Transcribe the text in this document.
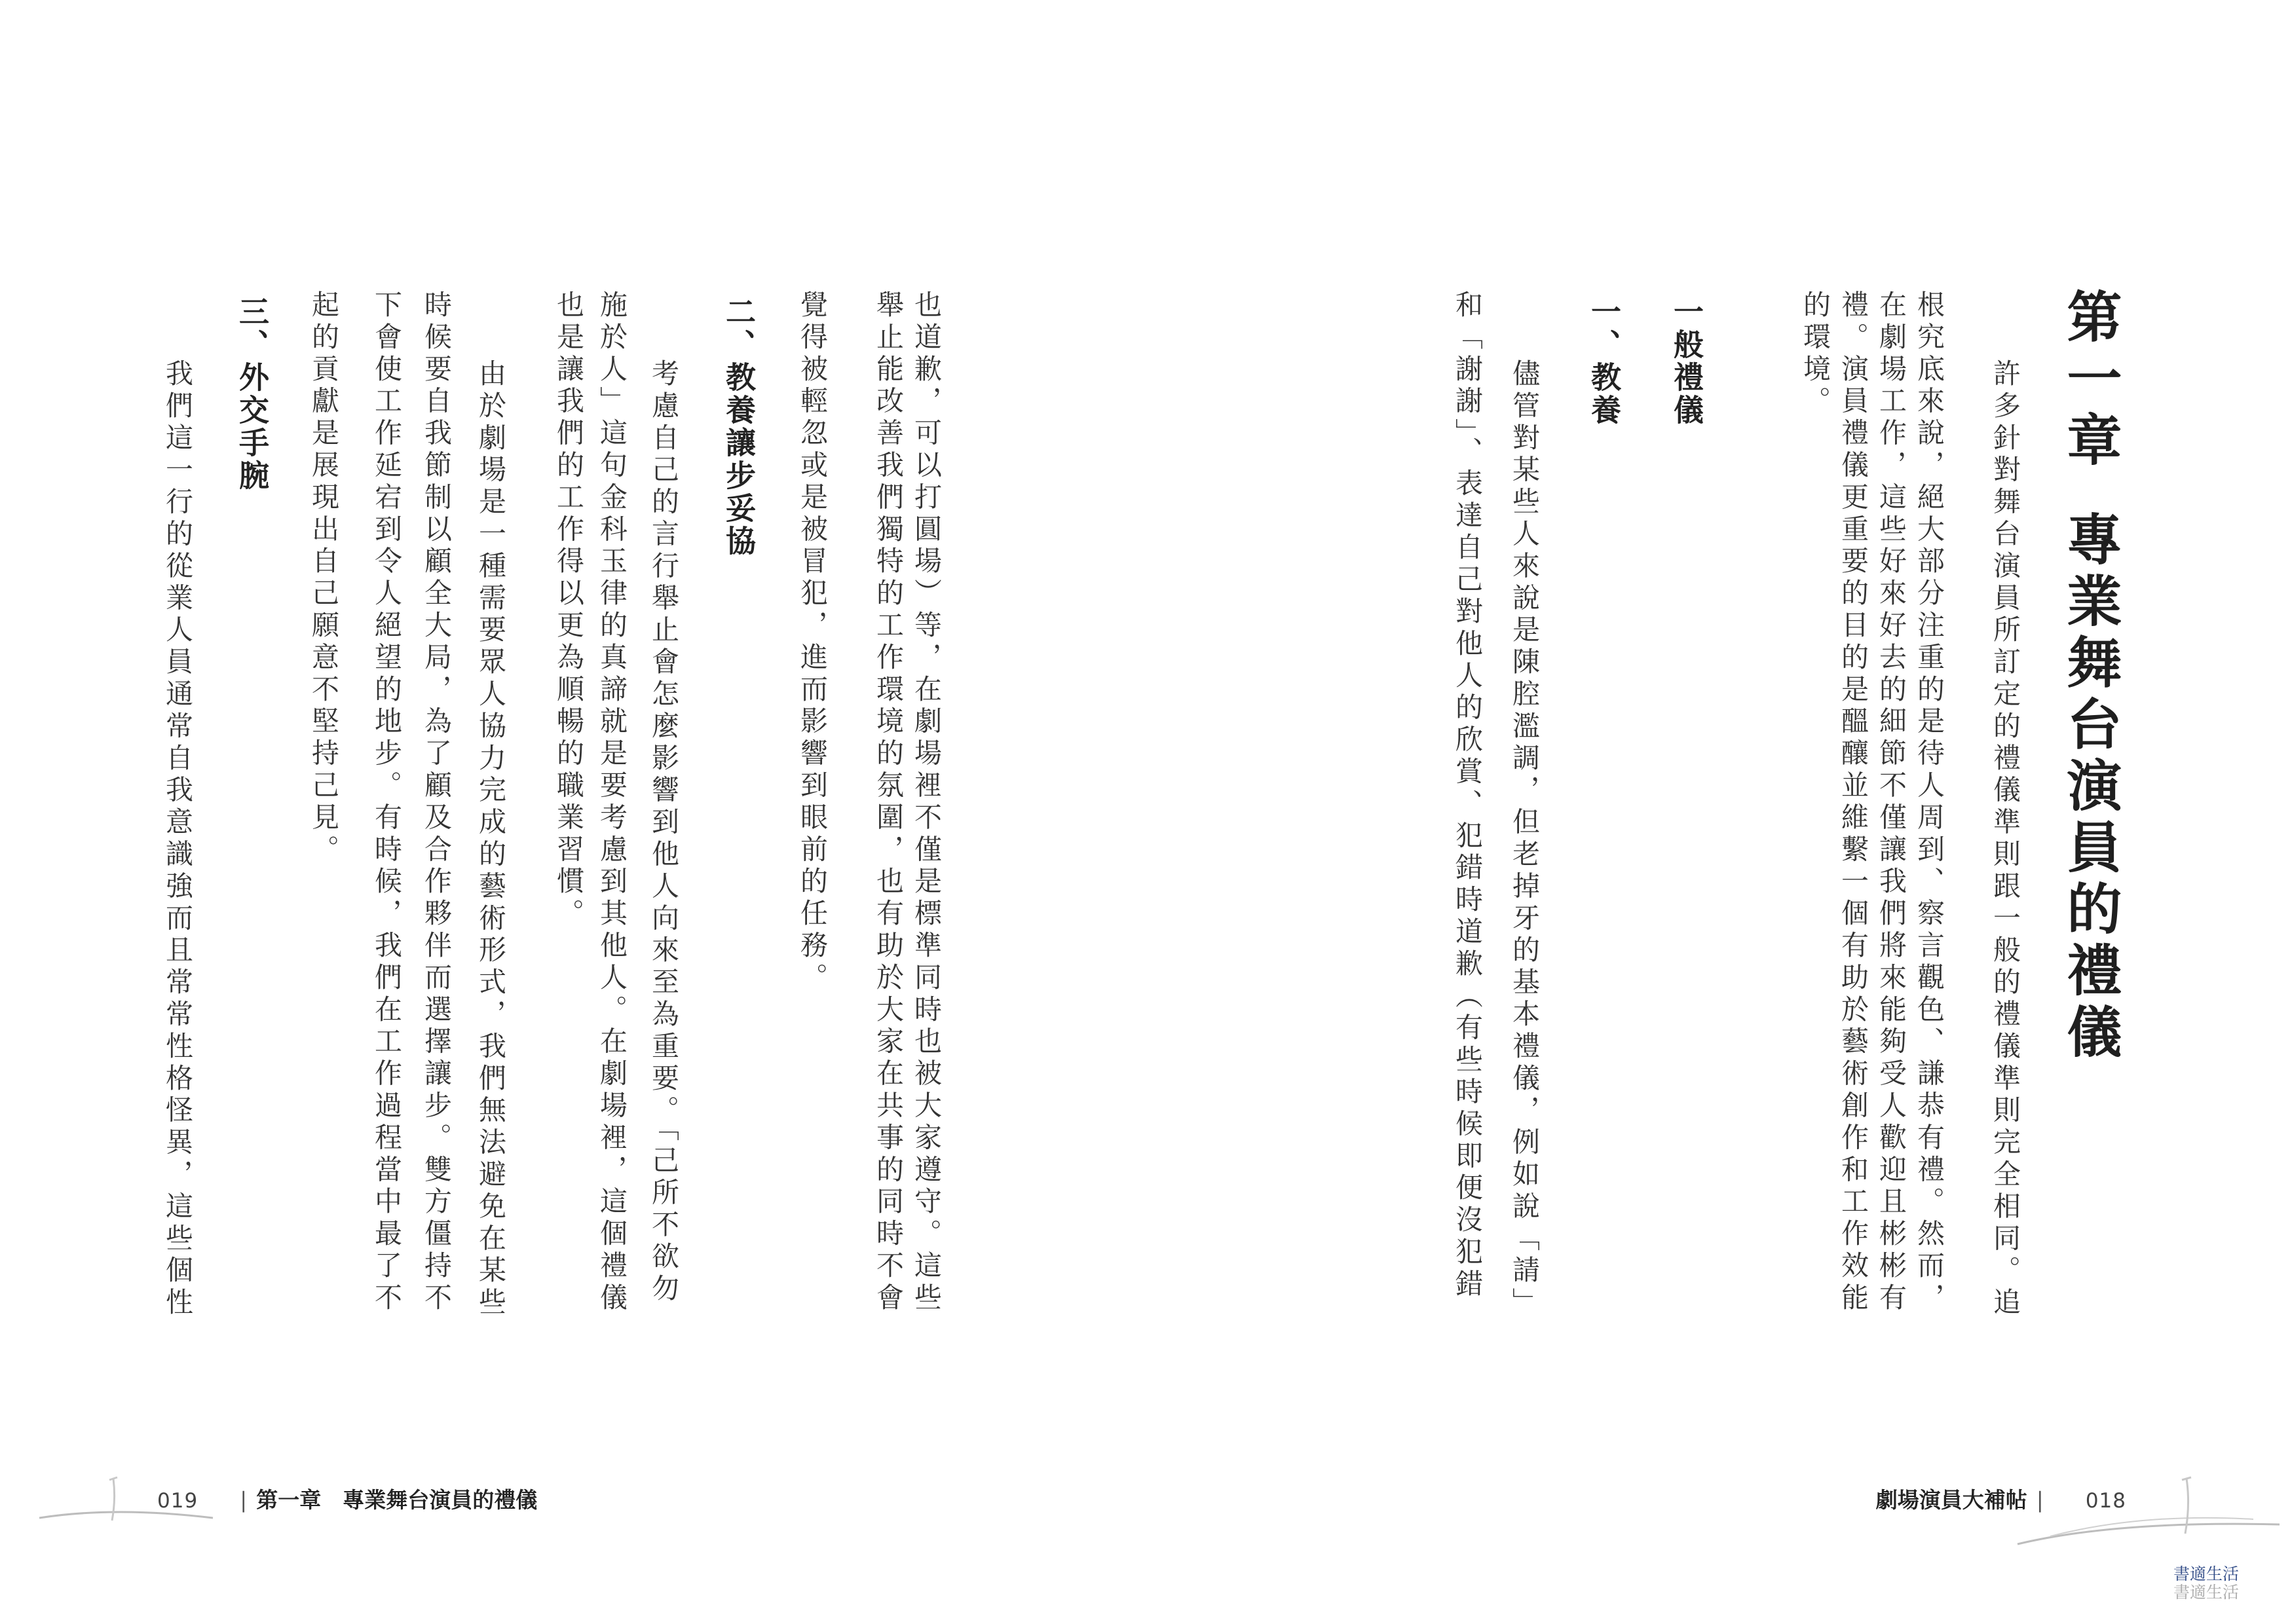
第一章專業舞台演員的禮儀
許多針對舞台演員所訂定的禮儀準則跟一般的禮儀準則完全相同。追
根究底來說，絕大部分注重的是待人周到、察言觀色、謙恭有禮。然而，
在劇場工作，這些好來好去的細節不僅讓我們將來能夠受人歡迎且彬彬有
禮。演員禮儀更重要的目的是醞釀並維繫一個有助於藝術創作和工作效能
的環境。
一般禮儀
一、教養
儘管對某些人來說是陳腔濫調，但老掉牙的基本禮儀，例如說「請」
和「謝謝」、表達自己對他人的欣賞、犯錯時道歉（有些時候即便沒犯錯
也道歉，可以打圓場）等，在劇場裡不僅是標準同時也被大家遵守。這些
舉止能改善我們獨特的工作環境的氛圍，也有助於大家在共事的同時不會
覺得被輕忽或是被冒犯，進而影響到眼前的任務。
二、教養讓步妥協
考慮自己的言行舉止會怎麼影響到他人向來至為重要。「己所不欲勿
施於人」這句金科玉律的真諦就是要考慮到其他人。在劇場裡，這個禮儀
也是讓我們的工作得以更為順暢的職業習慣。
由於劇場是一種需要眾人協力完成的藝術形式，我們無法避免在某些
時候要自我節制以顧全大局，為了顧及合作夥伴而選擇讓步。雙方僵持不
下會使工作延宕到令人絕望的地步。有時候，我們在工作過程當中最了不
起的貢獻是展現出自己願意不堅持己見。
三、外交手腕
我們這一行的從業人員通常自我意識強而且常常性格怪異，這些個性
019 | 第一章　專業舞台演員的禮儀	劇場演員大補帖 | 018
書適生活
書適生活
